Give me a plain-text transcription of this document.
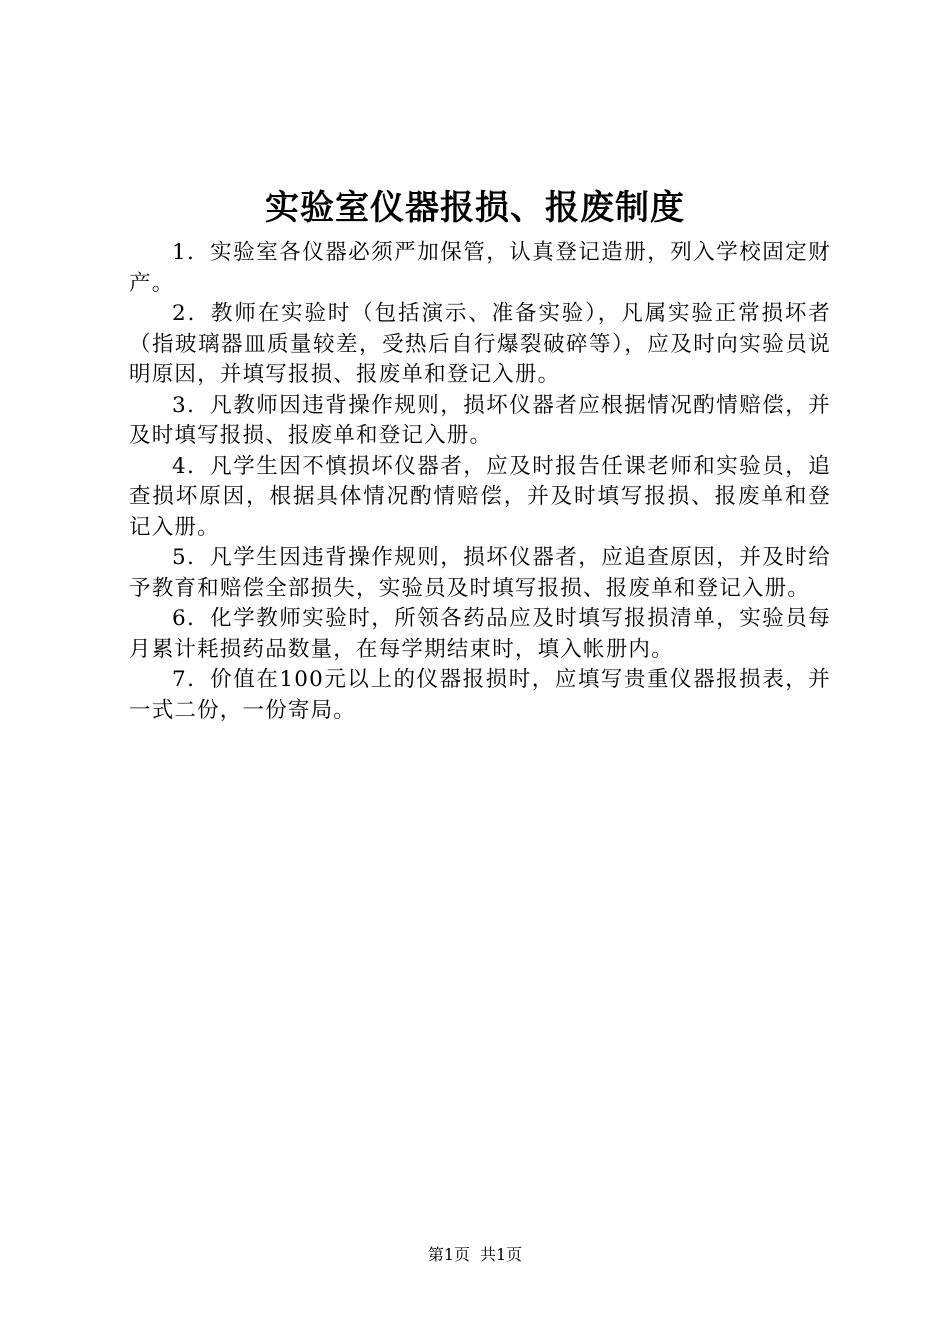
实验室仪器报损、报废制度

1．实验室各仪器必须严加保管，认真登记造册，列入学校固定财产。

2．教师在实验时（包括演示、准备实验），凡属实验正常损坏者（指玻璃器皿质量较差，受热后自行爆裂破碎等），应及时向实验员说明原因，并填写报损、报废单和登记入册。

3．凡教师因违背操作规则，损坏仪器者应根据情况酌情赔偿，并及时填写报损、报废单和登记入册。

4．凡学生因不慎损坏仪器者，应及时报告任课老师和实验员，追查损坏原因，根据具体情况酌情赔偿，并及时填写报损、报废单和登记入册。

5．凡学生因违背操作规则，损坏仪器者，应追查原因，并及时给予教育和赔偿全部损失，实验员及时填写报损、报废单和登记入册。

6．化学教师实验时，所领各药品应及时填写报损清单，实验员每月累计耗损药品数量，在每学期结束时，填入帐册内。

7．价值在100元以上的仪器报损时，应填写贵重仪器报损表，并一式二份，一份寄局。

第1页 共1页
